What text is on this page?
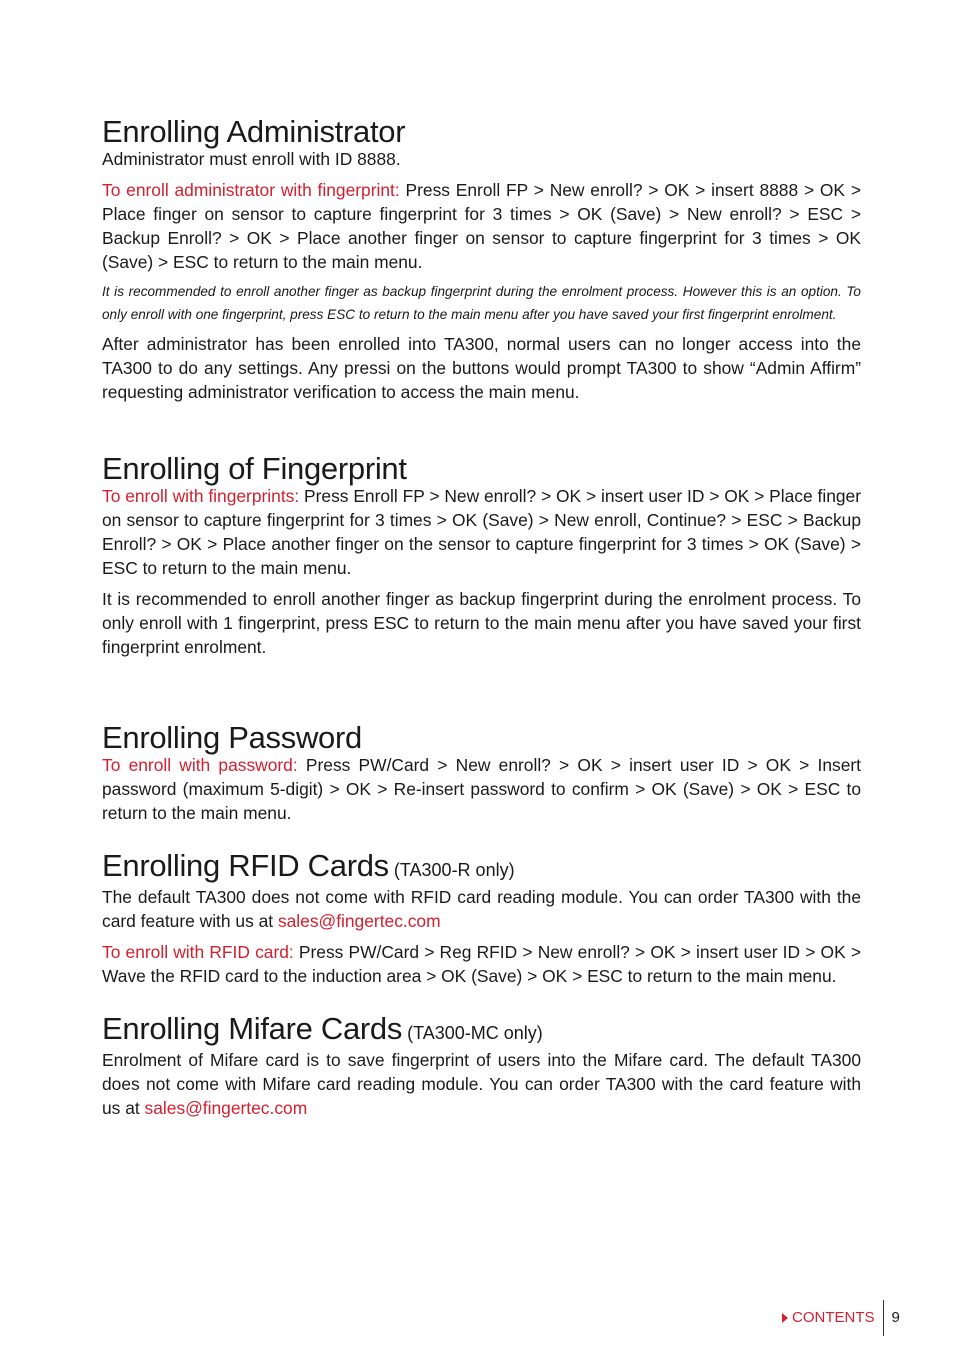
Enrolling Administrator

Administrator must enroll with ID 8888.

To enroll administrator with fingerprint: Press Enroll FP > New enroll? > OK > insert 8888 > OK > Place finger on sensor to capture fingerprint for 3 times > OK (Save) > New enroll? > ESC > Backup Enroll? > OK > Place another finger on sensor to capture fingerprint for 3 times > OK (Save) > ESC to return to the main menu.

It is recommended to enroll another finger as backup fingerprint during the enrolment process. However this is an option. To only enroll with one fingerprint, press ESC to return to the main menu after you have saved your first fingerprint enrolment.

After administrator has been enrolled into TA300, normal users can no longer access into the TA300 to do any settings. Any pressi on the buttons would prompt TA300 to show “Admin Affirm” requesting administrator verification to access the main menu.

Enrolling of Fingerprint

To enroll with fingerprints: Press Enroll FP > New enroll? > OK > insert user ID > OK > Place finger on sensor to capture fingerprint for 3 times > OK (Save) > New enroll, Continue? > ESC > Backup Enroll? > OK > Place another finger on the sensor to capture fingerprint for 3 times > OK (Save) > ESC to return to the main menu.

It is recommended to enroll another finger as backup fingerprint during the enrolment process. To only enroll with 1 fingerprint, press ESC to return to the main menu after you have saved your first fingerprint enrolment.

Enrolling Password

To enroll with password: Press PW/Card > New enroll? > OK > insert user ID > OK > Insert password (maximum 5-digit) > OK > Re-insert password to confirm > OK (Save) > OK > ESC to return to the main menu.

Enrolling RFID Cards (TA300-R only)

The default TA300 does not come with RFID card reading module. You can order TA300 with the card feature with us at sales@fingertec.com

To enroll with RFID card: Press PW/Card > Reg RFID > New enroll? > OK > insert user ID > OK > Wave the RFID card to the induction area > OK (Save) > OK > ESC to return to the main menu.

Enrolling Mifare Cards (TA300-MC only)

Enrolment of Mifare card is to save fingerprint of users into the Mifare card. The default TA300 does not come with Mifare card reading module. You can order TA300 with the card feature with us at sales@fingertec.com

CONTENTS 9
